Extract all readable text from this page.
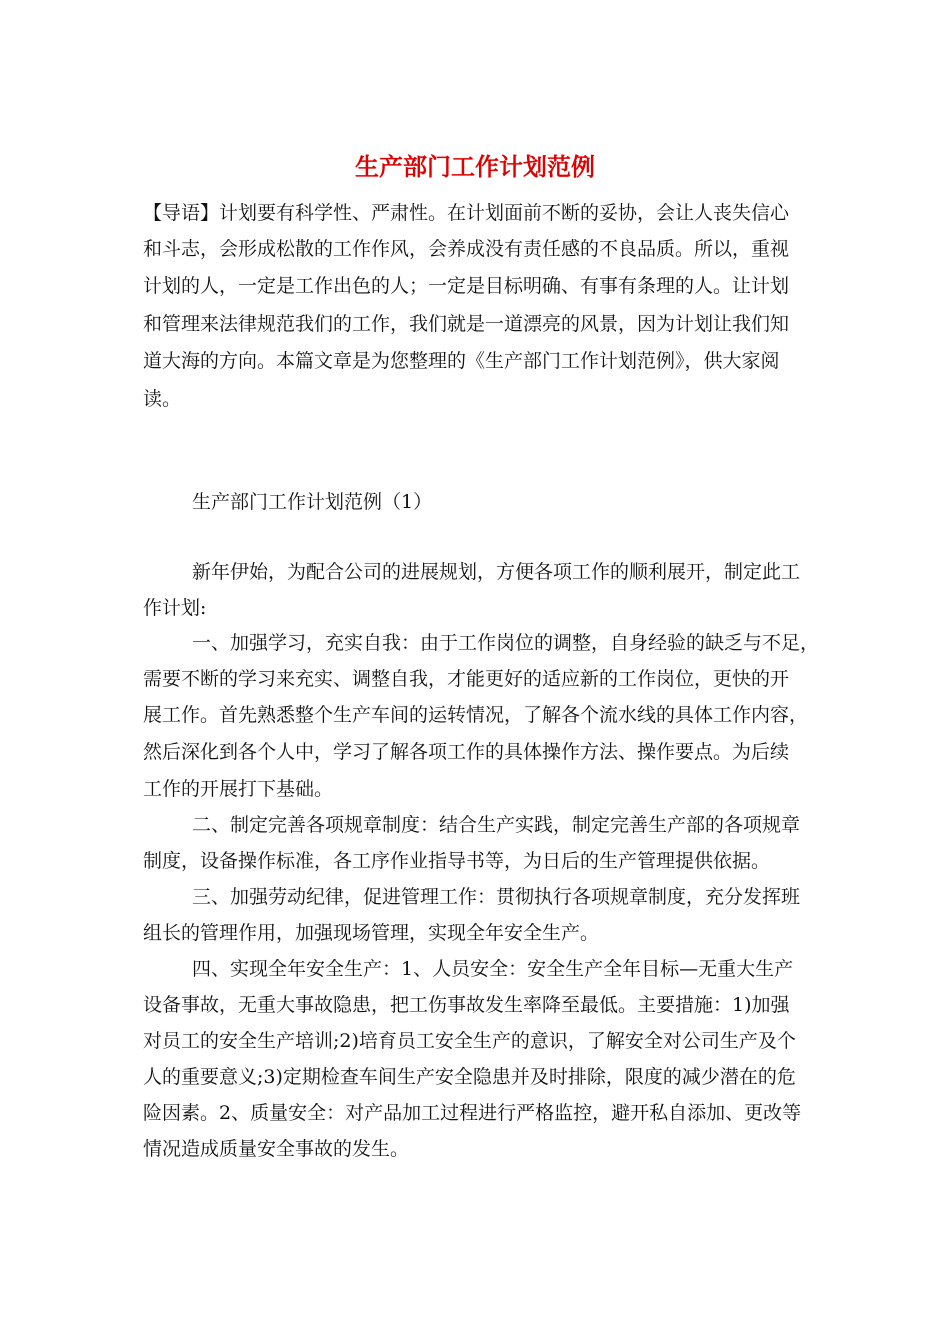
生产部门工作计划范例
【导语】计划要有科学性、严肃性。在计划面前不断的妥协，会让人丧失信心
和斗志，会形成松散的工作作风，会养成没有责任感的不良品质。所以，重视
计划的人，一定是工作出色的人；一定是目标明确、有事有条理的人。让计划
和管理来法律规范我们的工作，我们就是一道漂亮的风景，因为计划让我们知
道大海的方向。本篇文章是为您整理的《生产部门工作计划范例》，供大家阅
读。
生产部门工作计划范例（1）
新年伊始，为配合公司的进展规划，方便各项工作的顺利展开，制定此工
作计划:
一、加强学习，充实自我：由于工作岗位的调整，自身经验的缺乏与不足，
需要不断的学习来充实、调整自我，才能更好的适应新的工作岗位，更快的开
展工作。首先熟悉整个生产车间的运转情况，了解各个流水线的具体工作内容，
然后深化到各个人中，学习了解各项工作的具体操作方法、操作要点。为后续
工作的开展打下基础。
二、制定完善各项规章制度：结合生产实践，制定完善生产部的各项规章
制度，设备操作标准，各工序作业指导书等，为日后的生产管理提供依据。
三、加强劳动纪律，促进管理工作：贯彻执行各项规章制度，充分发挥班
组长的管理作用，加强现场管理，实现全年安全生产。
四、实现全年安全生产：1、人员安全：安全生产全年目标—无重大生产
设备事故，无重大事故隐患，把工伤事故发生率降至最低。主要措施：1)加强
对员工的安全生产培训;2)培育员工安全生产的意识，了解安全对公司生产及个
人的重要意义;3)定期检查车间生产安全隐患并及时排除，限度的减少潜在的危
险因素。2、质量安全：对产品加工过程进行严格监控，避开私自添加、更改等
情况造成质量安全事故的发生。
